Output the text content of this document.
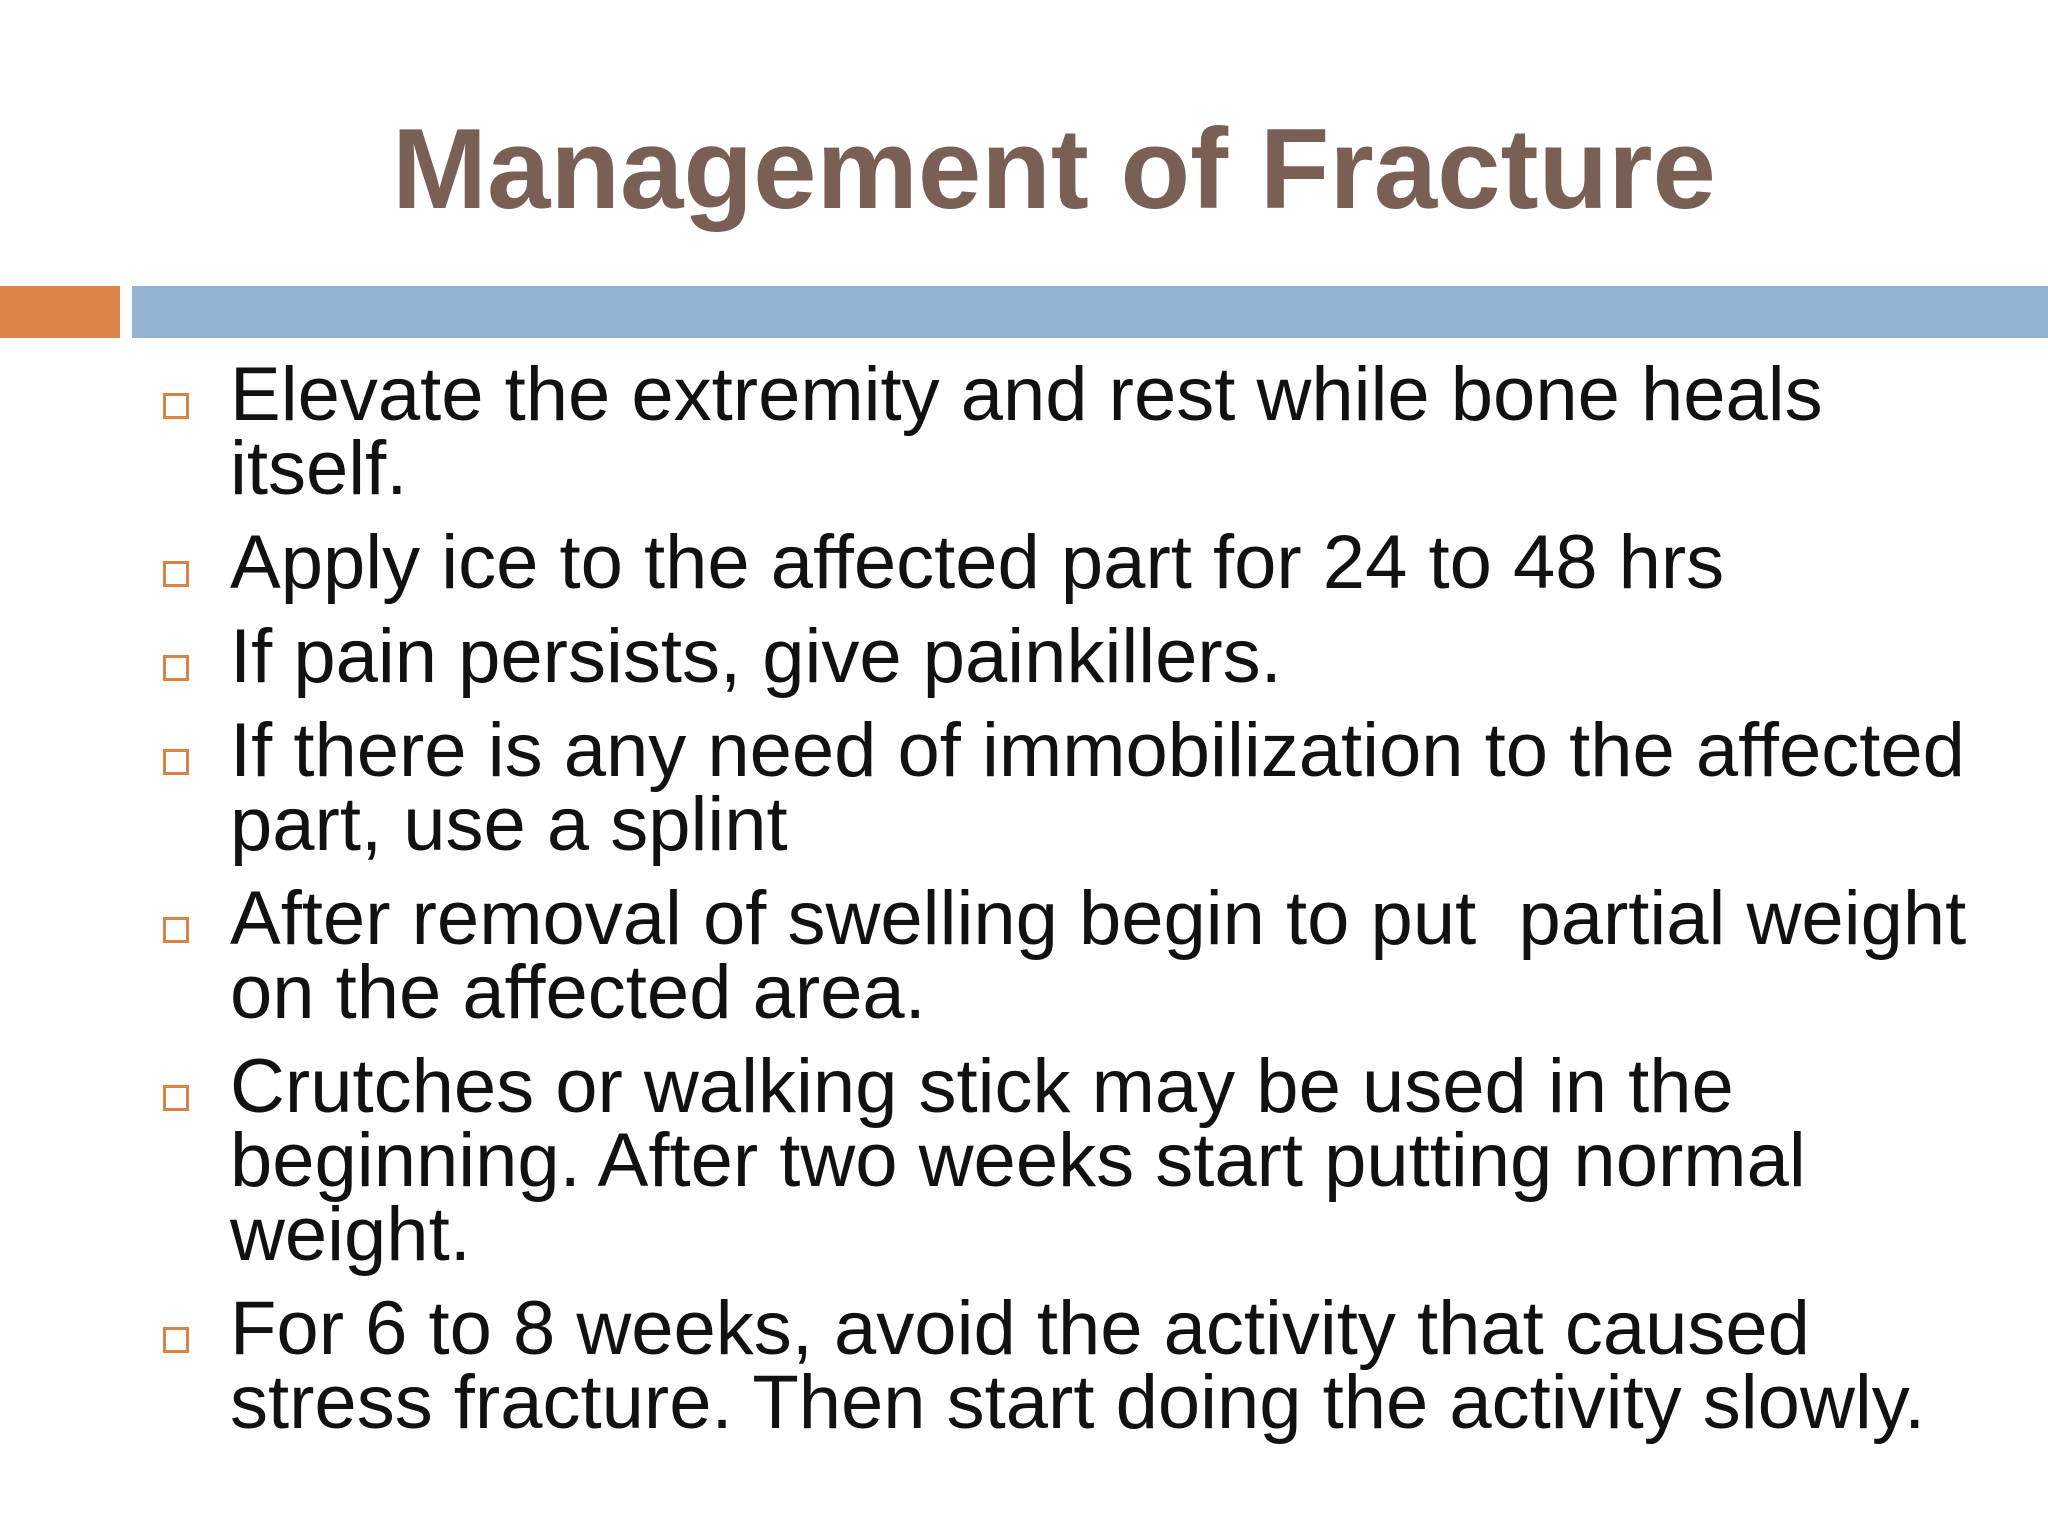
Management of Fracture
Elevate the extremity and rest while bone heals itself.
Apply ice to the affected part for 24 to 48 hrs
If pain persists, give painkillers.
If there is any need of immobilization to the affected part, use a splint
After removal of swelling begin to put  partial weight on the affected area.
Crutches or walking stick may be used in the beginning. After two weeks start putting normal weight.
For 6 to 8 weeks, avoid the activity that caused stress fracture. Then start doing the activity slowly.
